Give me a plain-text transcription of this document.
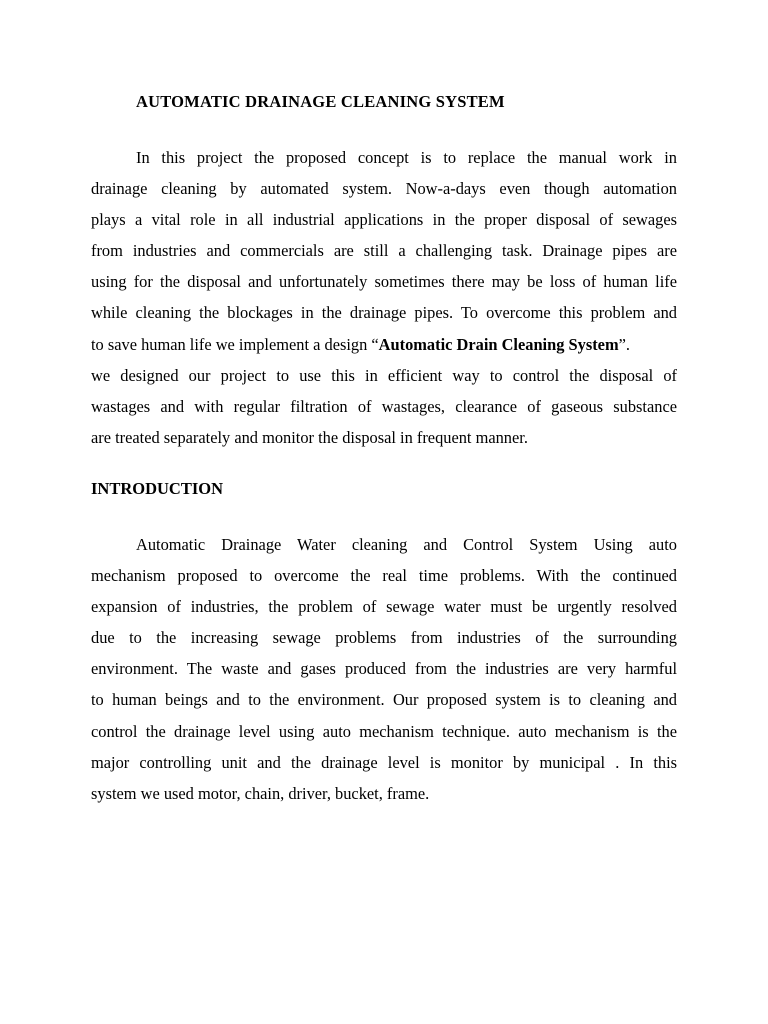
AUTOMATIC DRAINAGE CLEANING SYSTEM
In this project the proposed concept is to replace the manual work in
drainage cleaning by automated system. Now-a-days even though automation
plays a vital role in all industrial applications in the proper disposal of sewages
from industries and commercials are still a challenging task. Drainage pipes are
using for the disposal and unfortunately sometimes there may be loss of human life
while cleaning the blockages in the drainage pipes. To overcome this problem and
to save human life we implement a design “Automatic Drain Cleaning System”.
we designed our project to use this in efficient way to control the disposal of
wastages and with regular filtration of wastages, clearance of gaseous substance
are treated separately and monitor the disposal in frequent manner.
INTRODUCTION
Automatic Drainage Water cleaning and Control System Using auto
mechanism proposed to overcome the real time problems. With the continued
expansion of industries, the problem of sewage water must be urgently resolved
due to the increasing sewage problems from industries of the surrounding
environment. The waste and gases produced from the industries are very harmful
to human beings and to the environment. Our proposed system is to cleaning and
control the drainage level using auto mechanism technique. auto mechanism is the
major controlling unit and the drainage level is monitor by municipal . In this
system we used motor, chain, driver, bucket, frame.
